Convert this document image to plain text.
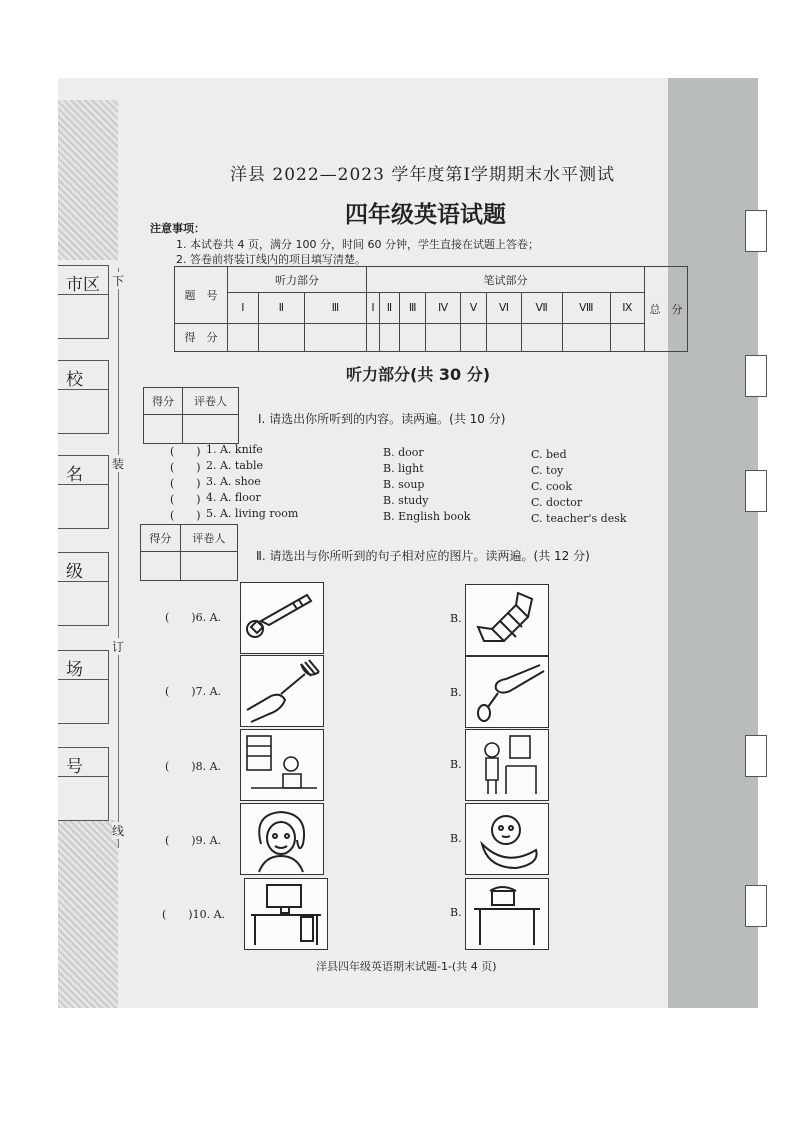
市区
校
名
级
场
号
下
装
订
线
洋县 2022—2023 学年度第Ⅰ学期期末水平测试
四年级英语试题
注意事项：
1. 本试卷共 4 页，满分 100 分，时间 60 分钟，学生直接在试题上答卷；
2. 答卷前将装订线内的项目填写清楚。
题　号	听力部分			笔试部分									总　分
	Ⅰ	Ⅱ	Ⅲ	Ⅰ	Ⅱ	Ⅲ	Ⅳ	Ⅴ	Ⅵ	Ⅶ	Ⅷ	Ⅸ	
得　分													
听力部分(共 30 分)
得分	评卷人

Ⅰ. 请选出你所听到的内容。读两遍。(共 10 分)
(　　) 1. A. knife	B. door	C. bed
(　　) 2. A. table	B. light	C. toy
(　　) 3. A. shoe	B. soup	C. cook
(　　) 4. A. floor	B. study	C. doctor
(　　) 5. A. living room	B. English book	C. teacher's desk
得分	评卷人

Ⅱ. 请选出与你所听到的句子相对应的图片。读两遍。(共 12 分)
(　　)6. A.	B.
(　　)7. A.	B.
(　　)8. A.	B.
(　　)9. A.	B.
(　　)10. A.	B.
洋县四年级英语期末试题-1-(共 4 页)
